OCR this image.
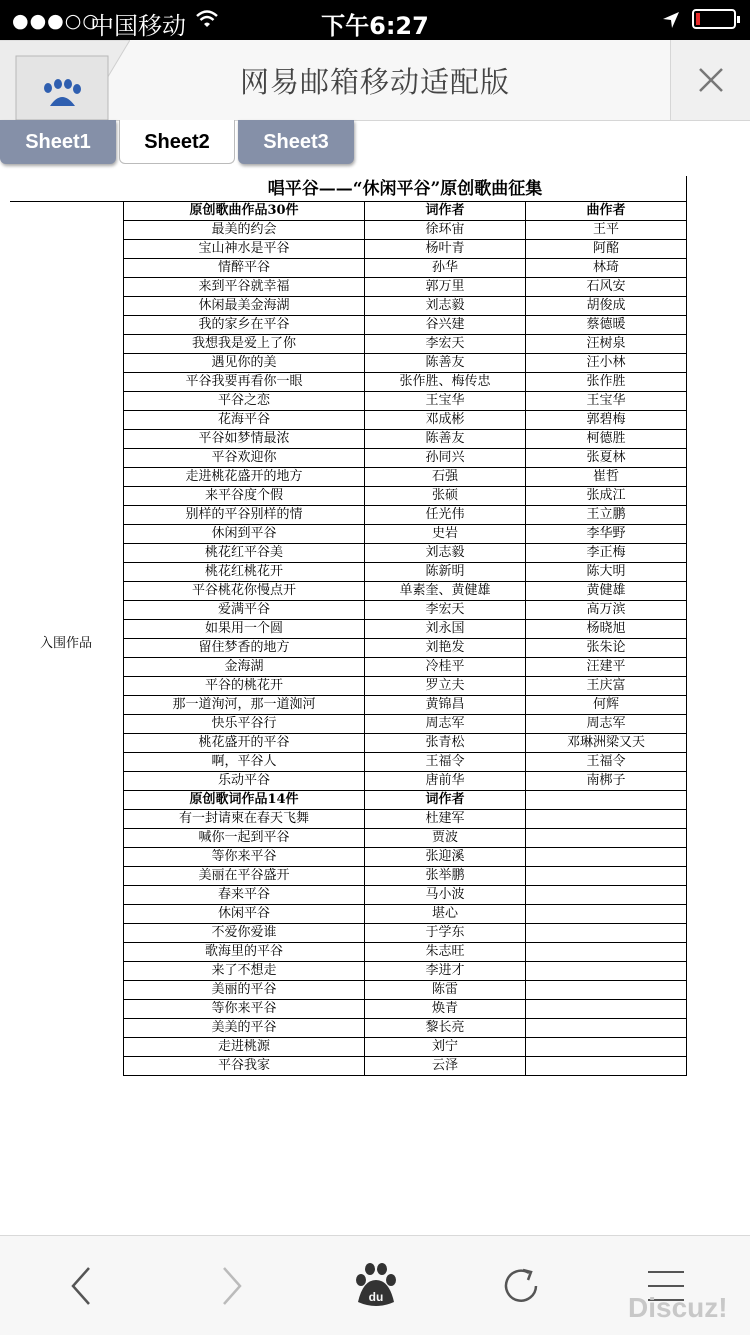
●●●○○
中国移动	下午6:27
网易邮箱移动适配版
Sheet1	Sheet2	Sheet3
唱平谷——“休闲平谷”原创歌曲征集
入围作品
原创歌曲作品30件	词作者	曲作者
最美的约会	徐环宙	王平
宝山神水是平谷	杨叶青	阿酩
情醉平谷	孙华	林琦
来到平谷就幸福	郭万里	石风安
休闲最美金海湖	刘志毅	胡俊成
我的家乡在平谷	谷兴建	蔡德暖
我想我是爱上了你	李宏天	汪树泉
遇见你的美	陈善友	汪小林
平谷我要再看你一眼	张作胜、梅传忠	张作胜
平谷之恋	王宝华	王宝华
花海平谷	邓成彬	郭碧梅
平谷如梦情最浓	陈善友	柯德胜
平谷欢迎你	孙同兴	张夏林
走进桃花盛开的地方	石强	崔哲
来平谷度个假	张硕	张成江
别样的平谷别样的情	任光伟	王立鹏
休闲到平谷	史岩	李华野
桃花红平谷美	刘志毅	李正梅
桃花红桃花开	陈新明	陈大明
平谷桃花你慢点开	单素奎、黄健雄	黄健雄
爱满平谷	李宏天	高万滨
如果用一个圆	刘永国	杨晓旭
留住梦香的地方	刘艳发	张朱论
金海湖	冷桂平	汪建平
平谷的桃花开	罗立夫	王庆富
那一道洵河，那一道洳河	黄锦昌	何辉
快乐平谷行	周志军	周志军
桃花盛开的平谷	张青松	邓琳洲梁又天
啊，平谷人	王福令	王福令
乐动平谷	唐前华	南梆子
原创歌词作品14件	词作者	
有一封请柬在春天飞舞	杜建军	
喊你一起到平谷	贾波	
等你来平谷	张迎溪	
美丽在平谷盛开	张举鹏	
春来平谷	马小波	
休闲平谷	堪心	
不爱你爱谁	于学东	
歌海里的平谷	朱志旺	
来了不想走	李进才	
美丽的平谷	陈雷	
等你来平谷	焕青	
美美的平谷	黎长亮	
走进桃源	刘宁	
平谷我家	云泽	
du	Discuz!
